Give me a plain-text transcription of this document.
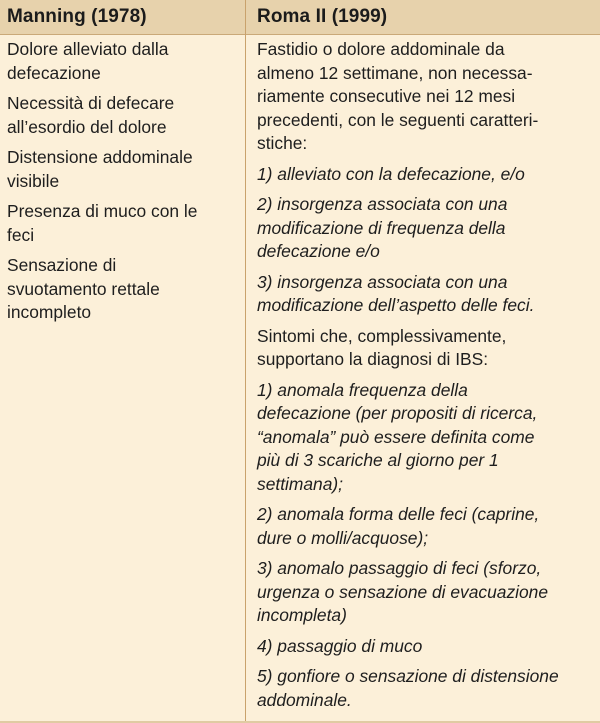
Manning (1978)	Roma II (1999)
Dolore alleviato dalla
defecazione
Necessità di defecare
all’esordio del dolore
Distensione addominale
visibile
Presenza di muco con le
feci
Sensazione di
svuotamento rettale
incompleto
Fastidio o dolore addominale da
almeno 12 settimane, non necessa-
riamente consecutive nei 12 mesi
precedenti, con le seguenti caratteri-
stiche:
1) alleviato con la defecazione, e/o
2) insorgenza associata con una
modificazione di frequenza della
defecazione e/o
3) insorgenza associata con una
modificazione dell’aspetto delle feci.
Sintomi che, complessivamente,
supportano la diagnosi di IBS:
1) anomala frequenza della
defecazione (per propositi di ricerca,
“anomala” può essere definita come
più di 3 scariche al giorno per 1
settimana);
2) anomala forma delle feci (caprine,
dure o molli/acquose);
3) anomalo passaggio di feci (sforzo,
urgenza o sensazione di evacuazione
incompleta)
4) passaggio di muco
5) gonfiore o sensazione di distensione
addominale.
